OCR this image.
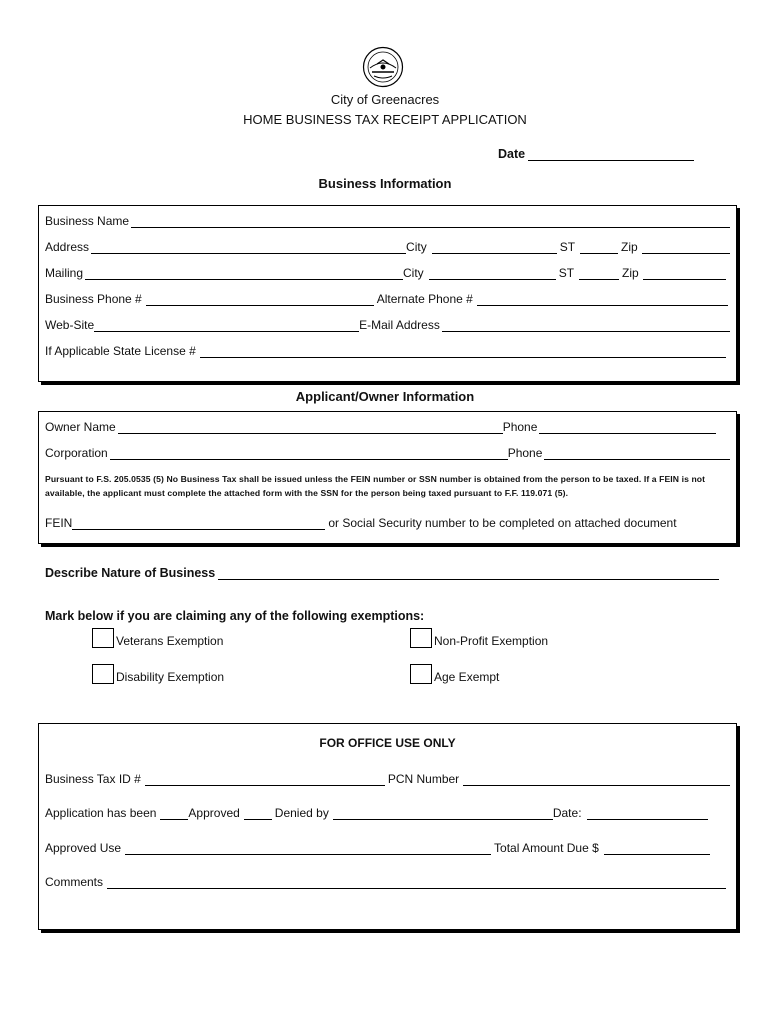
City of Greenacres
HOME BUSINESS TAX RECEIPT APPLICATION
Date
Business Information
Business Name
Address	City	ST	Zip
Mailing	City	ST	Zip
Business Phone #	Alternate Phone #
Web-Site	E-Mail Address
If Applicable State License #
Applicant/Owner Information
Owner Name	Phone
Corporation	Phone
Pursuant to F.S. 205.0535 (5) No Business Tax shall be issued unless the FEIN number or SSN number is obtained from the person to be taxed. If a FEIN is not available, the applicant must complete the attached form with the SSN for the person being taxed pursuant to F.F. 119.071 (5).
FEIN	or Social Security number to be completed on attached document
Describe Nature of Business
Mark below if you are claiming any of the following exemptions:
Veterans Exemption	Non-Profit Exemption
Disability Exemption	Age Exempt
FOR OFFICE USE ONLY
Business Tax ID #	PCN Number
Application has been	Approved	Denied by	Date:
Approved Use	Total Amount Due $
Comments
